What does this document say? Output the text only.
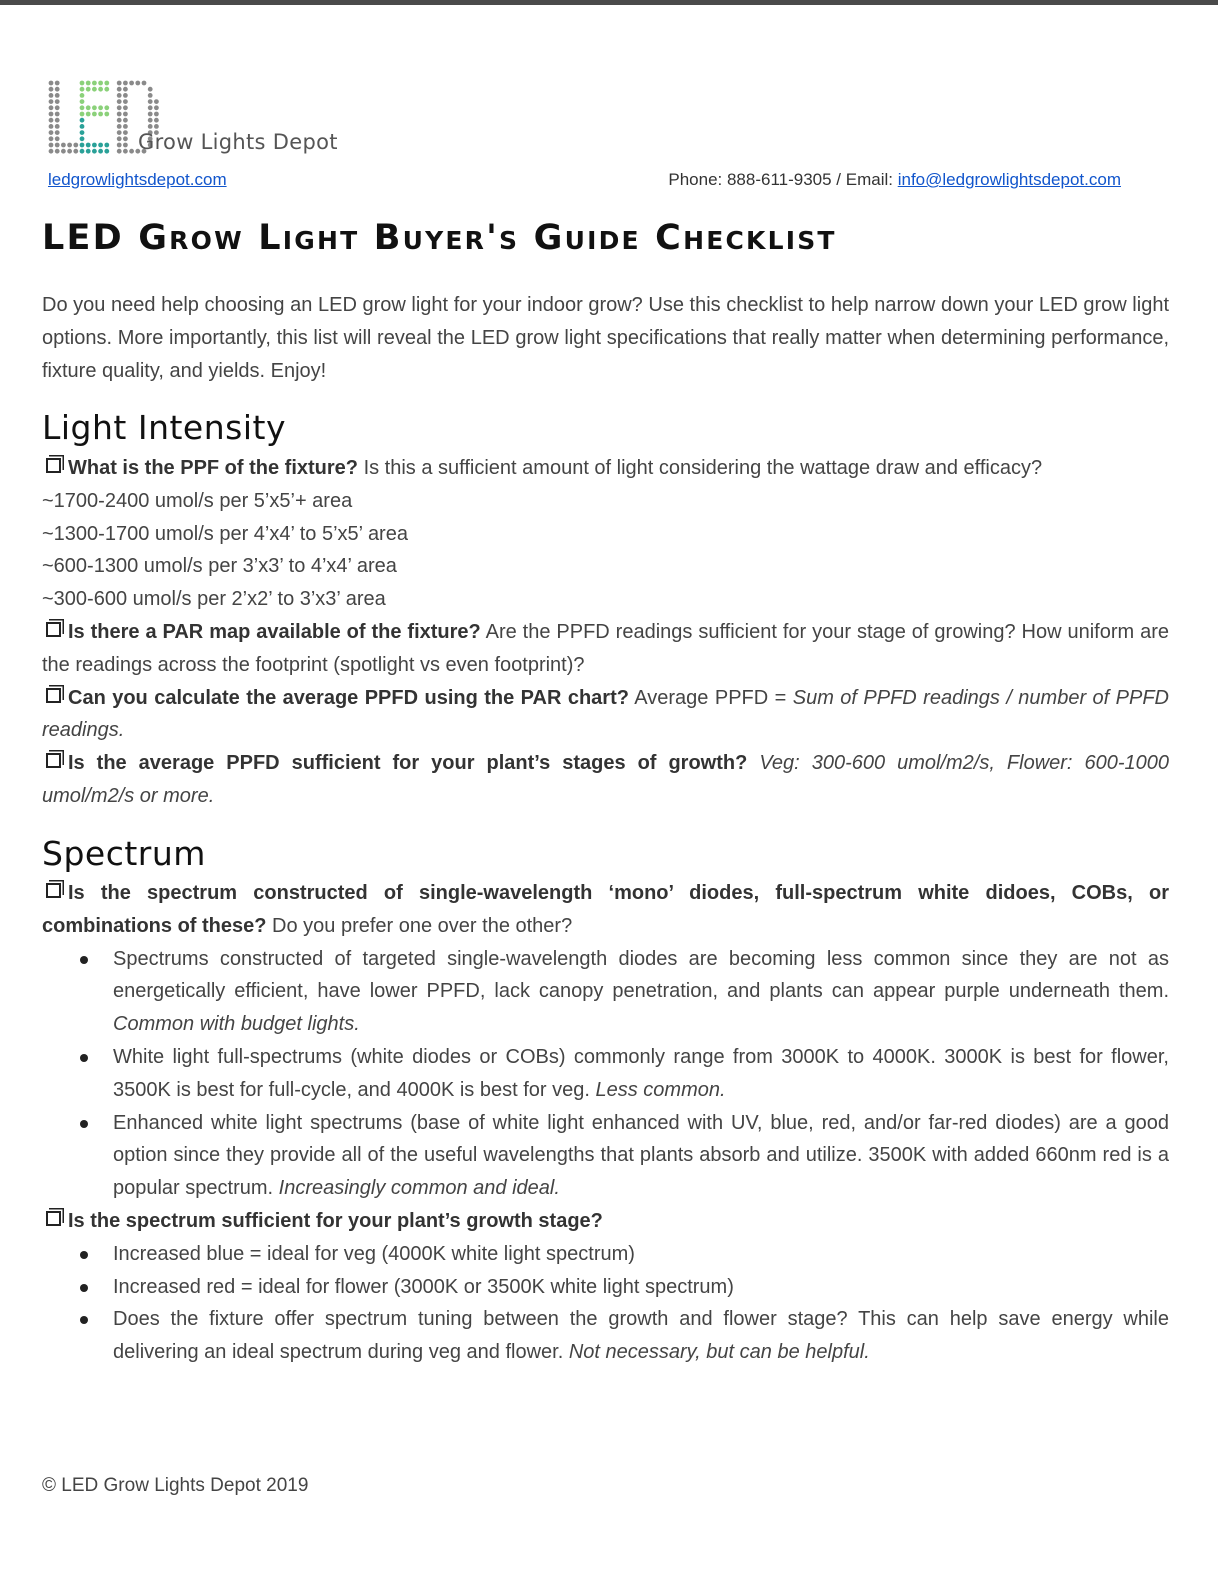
Grow Lights Depot
ledgrowlightsdepot.com	Phone: 888-611-9305 / Email: info@ledgrowlightsdepot.com
LED Grow Light Buyer's Guide Checklist

Do you need help choosing an LED grow light for your indoor grow? Use this checklist to help narrow down your LED grow light options. More importantly, this list will reveal the LED grow light specifications that really matter when determining performance, fixture quality, and yields. Enjoy!

Light Intensity

What is the PPF of the fixture? Is this a sufficient amount of light considering the wattage draw and efficacy?

~1700-2400 umol/s per 5’x5’+ area

~1300-1700 umol/s per 4’x4’ to 5’x5’ area

~600-1300 umol/s per 3’x3’ to 4’x4’ area

~300-600 umol/s per 2’x2’ to 3’x3’ area

Is there a PAR map available of the fixture? Are the PPFD readings sufficient for your stage of growing? How uniform are the readings across the footprint (spotlight vs even footprint)?

Can you calculate the average PPFD using the PAR chart? Average PPFD = Sum of PPFD readings / number of PPFD readings.

Is the average PPFD sufficient for your plant’s stages of growth? Veg: 300-600 umol/m2/s, Flower: 600-1000 umol/m2/s or more.

Spectrum

Is the spectrum constructed of single-wavelength ‘mono’ diodes, full-spectrum white didoes, COBs, or combinations of these? Do you prefer one over the other?

Spectrums constructed of targeted single-wavelength diodes are becoming less common since they are not as energetically efficient, have lower PPFD, lack canopy penetration, and plants can appear purple underneath them. Common with budget lights.
White light full-spectrums (white diodes or COBs) commonly range from 3000K to 4000K. 3000K is best for flower, 3500K is best for full-cycle, and 4000K is best for veg. Less common.
Enhanced white light spectrums (base of white light enhanced with UV, blue, red, and/or far-red diodes) are a good option since they provide all of the useful wavelengths that plants absorb and utilize. 3500K with added 660nm red is a popular spectrum. Increasingly common and ideal.

Is the spectrum sufficient for your plant’s growth stage?

Increased blue = ideal for veg (4000K white light spectrum)
Increased red = ideal for flower (3000K or 3500K white light spectrum)
Does the fixture offer spectrum tuning between the growth and flower stage? This can help save energy while delivering an ideal spectrum during veg and flower. Not necessary, but can be helpful.
© LED Grow Lights Depot 2019
